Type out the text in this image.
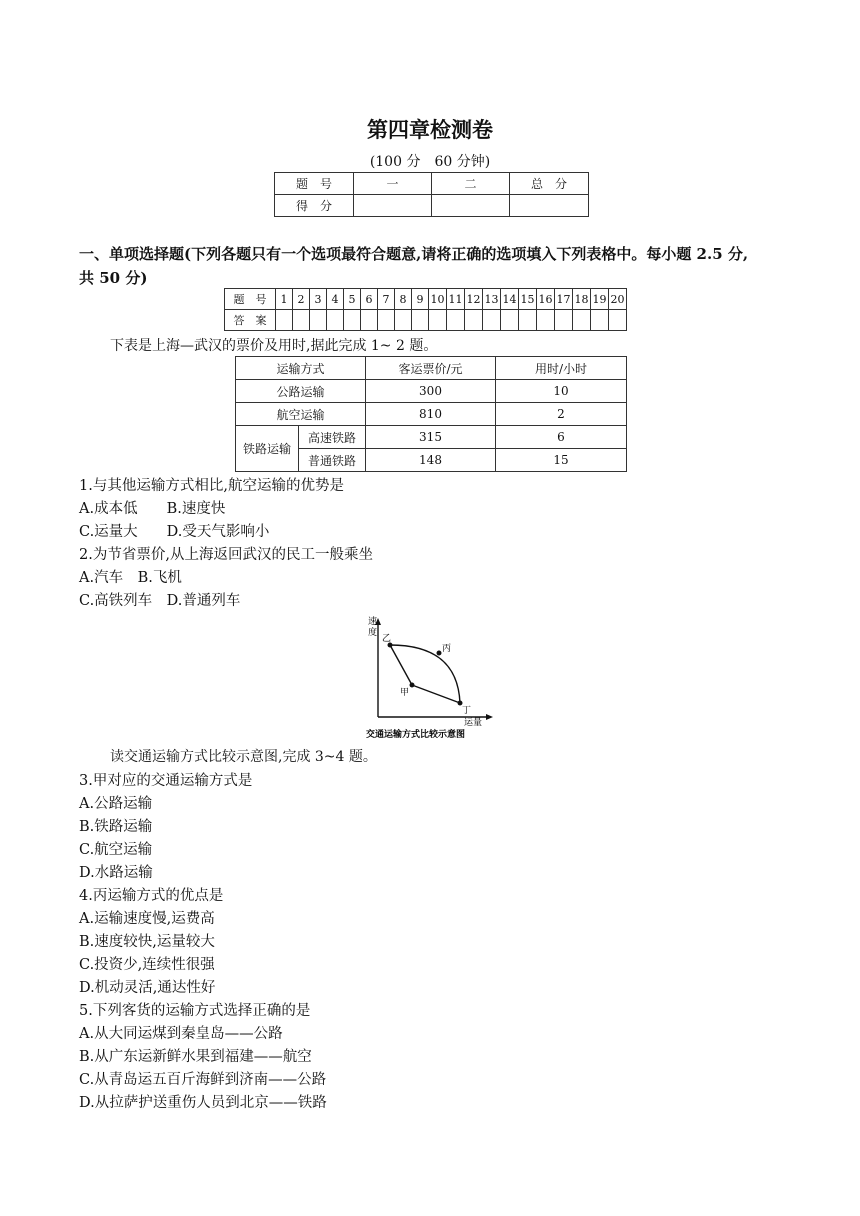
第四章检测卷
(100 分　60 分钟)
题　号	一	二	总　分
得　分			
一、单项选择题(下列各题只有一个选项最符合题意,请将正确的选项填入下列表格中。每小题 2.5 分,
共 50 分)
题　号	1	2	3	4	5	6	7	8	9	10	11	12	13	14	15	16	17	18	19	20
答　案																				
下表是上海—武汉的票价及用时,据此完成 1~ 2 题。
运输方式		客运票价/元	用时/小时
公路运输		300	10
航空运输		810	2
铁路运输	高速铁路	315	6
	普通铁路	148	15
1.与其他运输方式相比,航空运输的优势是
A.成本低　　B.速度快
C.运量大　　D.受天气影响小
2.为节省票价,从上海返回武汉的民工一般乘坐
A.汽车　B.飞机
C.高铁列车　D.普通列车
速
度
乙
丙
甲
丁
运量
交通运输方式比较示意图
读交通运输方式比较示意图,完成 3~4 题。
3.甲对应的交通运输方式是
A.公路运输
B.铁路运输
C.航空运输
D.水路运输
4.丙运输方式的优点是
A.运输速度慢,运费高
B.速度较快,运量较大
C.投资少,连续性很强
D.机动灵活,通达性好
5.下列客货的运输方式选择正确的是
A.从大同运煤到秦皇岛——公路
B.从广东运新鲜水果到福建——航空
C.从青岛运五百斤海鲜到济南——公路
D.从拉萨护送重伤人员到北京——铁路
